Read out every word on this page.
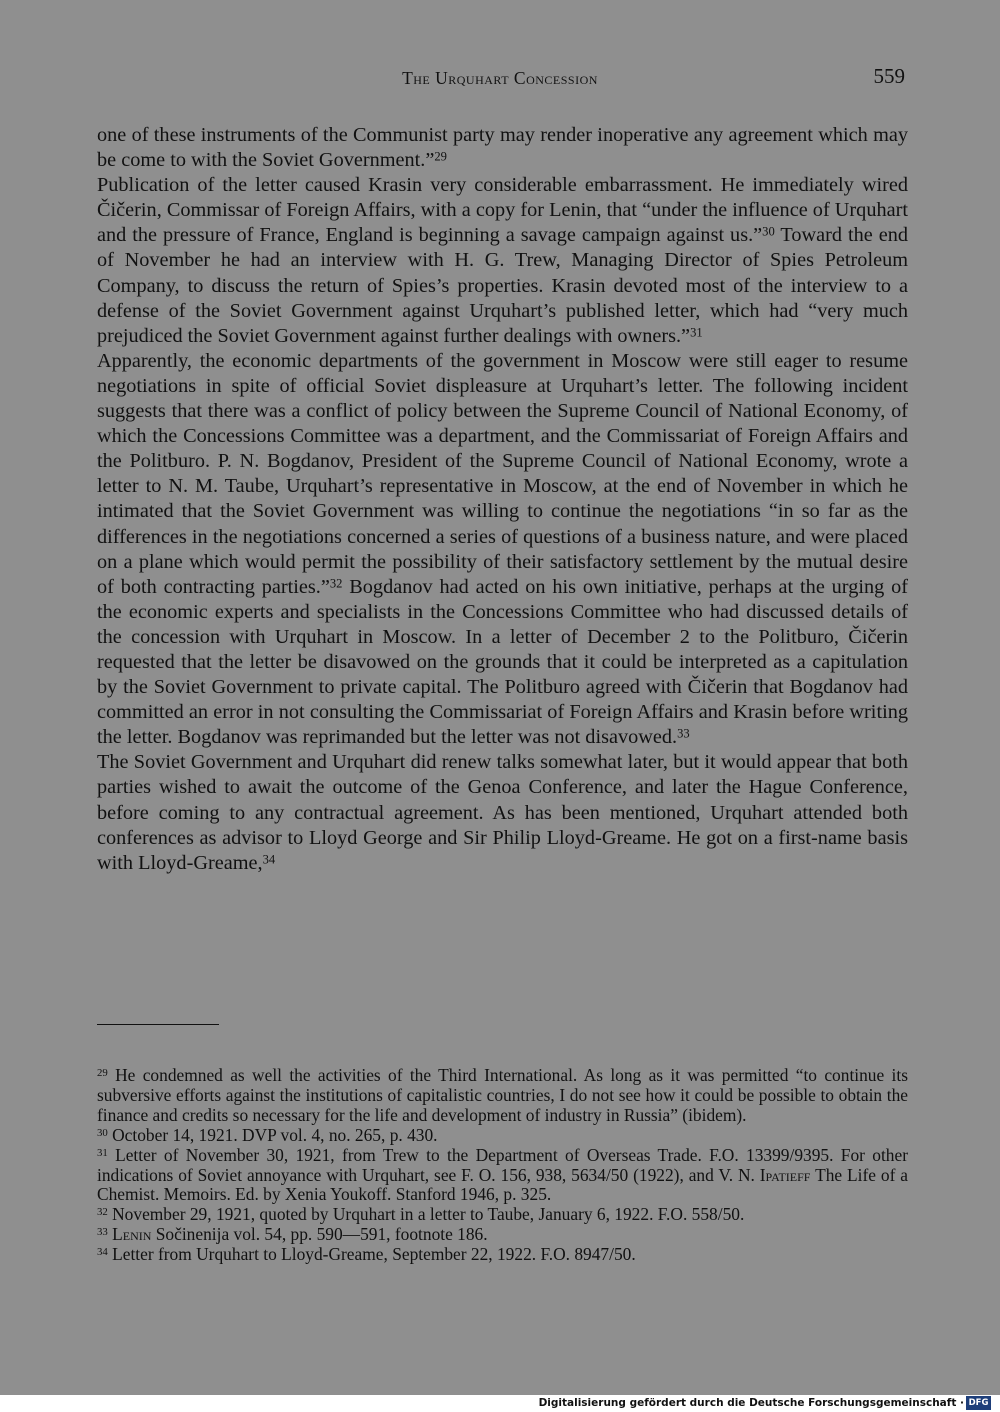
The Urquhart Concession	559

one of these instruments of the Communist party may render inoperative any agreement which may be come to with the Soviet Government.”$^{29}$

Publication of the letter caused Krasin very considerable embarrassment. He immediately wired Čičerin, Commissar of Foreign Affairs, with a copy for Lenin, that “under the influence of Urquhart and the pressure of France, England is beginning a savage campaign against us.”$^{30}$ Toward the end of November he had an interview with H. G. Trew, Managing Director of Spies Petroleum Company, to discuss the return of Spies’s properties. Krasin devoted most of the interview to a defense of the Soviet Government against Urquhart’s published letter, which had “very much prejudiced the Soviet Government against further dealings with owners.”$^{31}$

Apparently, the economic departments of the government in Moscow were still eager to resume negotiations in spite of official Soviet displeasure at Urquhart’s letter. The following incident suggests that there was a conflict of policy between the Supreme Council of National Economy, of which the Concessions Committee was a department, and the Commissariat of Foreign Affairs and the Politburo. P. N. Bogdanov, President of the Supreme Council of National Economy, wrote a letter to N. M. Taube, Urquhart’s representative in Moscow, at the end of November in which he intimated that the Soviet Government was willing to continue the negotiations “in so far as the differences in the negotiations concerned a series of questions of a business nature, and were placed on a plane which would permit the possibility of their satisfactory settlement by the mutual desire of both contracting parties.”$^{32}$ Bogdanov had acted on his own initiative, perhaps at the urging of the economic experts and specialists in the Concessions Committee who had discussed details of the concession with Urquhart in Moscow. In a letter of December 2 to the Politburo, Čičerin requested that the letter be disavowed on the grounds that it could be interpreted as a capitulation by the Soviet Government to private capital. The Politburo agreed with Čičerin that Bogdanov had committed an error in not consulting the Commissariat of Foreign Affairs and Krasin before writing the letter. Bogdanov was reprimanded but the letter was not disavowed.$^{33}$

The Soviet Government and Urquhart did renew talks somewhat later, but it would appear that both parties wished to await the outcome of the Genoa Conference, and later the Hague Conference, before coming to any contractual agreement. As has been mentioned, Urquhart attended both conferences as advisor to Lloyd George and Sir Philip Lloyd-Greame. He got on a first-name basis with Lloyd-Greame,$^{34}$

$^{29}$ He condemned as well the activities of the Third International. As long as it was permitted “to continue its subversive efforts against the institutions of capitalistic countries, I do not see how it could be possible to obtain the finance and credits so necessary for the life and development of industry in Russia” (ibidem).

$^{30}$ October 14, 1921. DVP vol. 4, no. 265, p. 430.

$^{31}$ Letter of November 30, 1921, from Trew to the Department of Overseas Trade. F.O. 13399/9395. For other indications of Soviet annoyance with Urquhart, see F. O. 156, 938, 5634/50 (1922), and V. N. Ipatieff The Life of a Chemist. Memoirs. Ed. by Xenia Youkoff. Stanford 1946, p. 325.

$^{32}$ November 29, 1921, quoted by Urquhart in a letter to Taube, January 6, 1922. F.O. 558/50.

$^{33}$ Lenin Sočinenija vol. 54, pp. 590—591, footnote 186.

$^{34}$ Letter from Urquhart to Lloyd-Greame, September 22, 1922. F.O. 8947/50.

Digitalisierung gefördert durch die Deutsche Forschungsgemeinschaft · DFG
